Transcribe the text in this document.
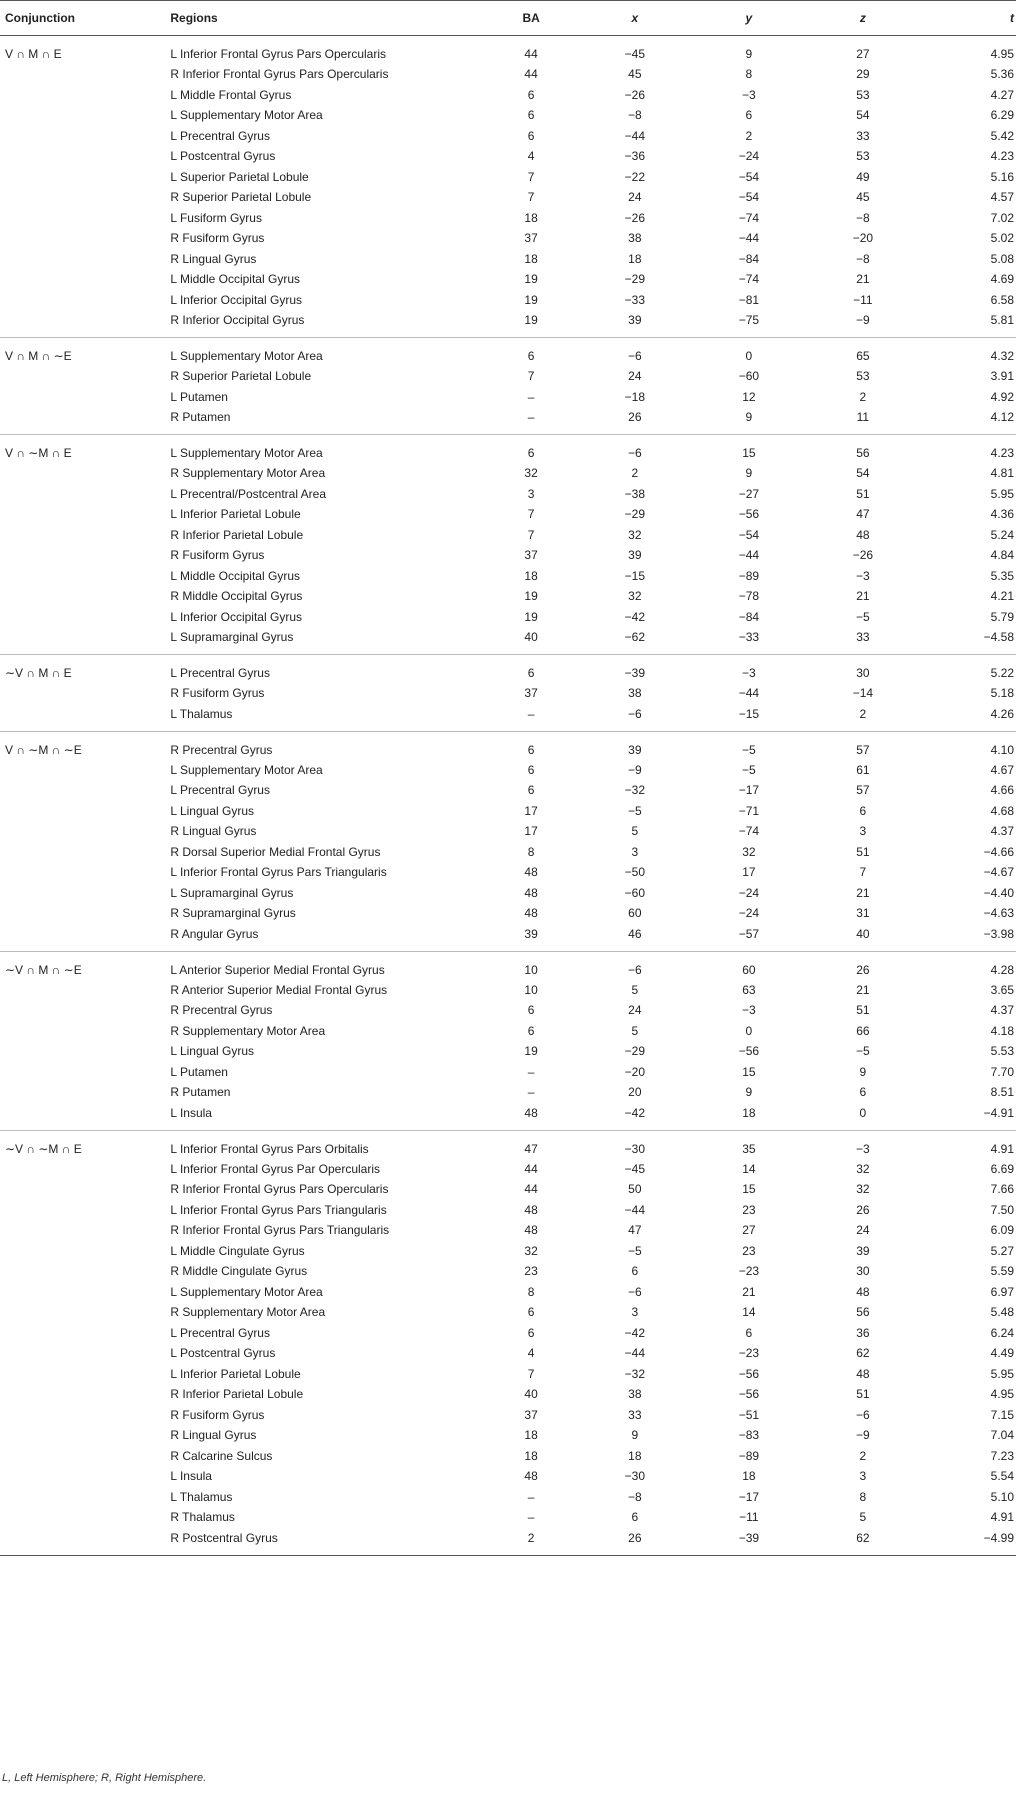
Conjunction	Regions	BA	x	y	z	t
V ∩ M ∩ E	L Inferior Frontal Gyrus Pars Opercularis	44	−45	9	27	4.95
	R Inferior Frontal Gyrus Pars Opercularis	44	45	8	29	5.36
	L Middle Frontal Gyrus	6	−26	−3	53	4.27
	L Supplementary Motor Area	6	−8	6	54	6.29
	L Precentral Gyrus	6	−44	2	33	5.42
	L Postcentral Gyrus	4	−36	−24	53	4.23
	L Superior Parietal Lobule	7	−22	−54	49	5.16
	R Superior Parietal Lobule	7	24	−54	45	4.57
	L Fusiform Gyrus	18	−26	−74	−8	7.02
	R Fusiform Gyrus	37	38	−44	−20	5.02
	R Lingual Gyrus	18	18	−84	−8	5.08
	L Middle Occipital Gyrus	19	−29	−74	21	4.69
	L Inferior Occipital Gyrus	19	−33	−81	−11	6.58
	R Inferior Occipital Gyrus	19	39	−75	−9	5.81
V ∩ M ∩ ∼E	L Supplementary Motor Area	6	−6	0	65	4.32
	R Superior Parietal Lobule	7	24	−60	53	3.91
	L Putamen	–	−18	12	2	4.92
	R Putamen	–	26	9	11	4.12
V ∩ ∼M ∩ E	L Supplementary Motor Area	6	−6	15	56	4.23
	R Supplementary Motor Area	32	2	9	54	4.81
	L Precentral/Postcentral Area	3	−38	−27	51	5.95
	L Inferior Parietal Lobule	7	−29	−56	47	4.36
	R Inferior Parietal Lobule	7	32	−54	48	5.24
	R Fusiform Gyrus	37	39	−44	−26	4.84
	L Middle Occipital Gyrus	18	−15	−89	−3	5.35
	R Middle Occipital Gyrus	19	32	−78	21	4.21
	L Inferior Occipital Gyrus	19	−42	−84	−5	5.79
	L Supramarginal Gyrus	40	−62	−33	33	−4.58
∼V ∩ M ∩ E	L Precentral Gyrus	6	−39	−3	30	5.22
	R Fusiform Gyrus	37	38	−44	−14	5.18
	L Thalamus	–	−6	−15	2	4.26
V ∩ ∼M ∩ ∼E	R Precentral Gyrus	6	39	−5	57	4.10
	L Supplementary Motor Area	6	−9	−5	61	4.67
	L Precentral Gyrus	6	−32	−17	57	4.66
	L Lingual Gyrus	17	−5	−71	6	4.68
	R Lingual Gyrus	17	5	−74	3	4.37
	R Dorsal Superior Medial Frontal Gyrus	8	3	32	51	−4.66
	L Inferior Frontal Gyrus Pars Triangularis	48	−50	17	7	−4.67
	L Supramarginal Gyrus	48	−60	−24	21	−4.40
	R Supramarginal Gyrus	48	60	−24	31	−4.63
	R Angular Gyrus	39	46	−57	40	−3.98
∼V ∩ M ∩ ∼E	L Anterior Superior Medial Frontal Gyrus	10	−6	60	26	4.28
	R Anterior Superior Medial Frontal Gyrus	10	5	63	21	3.65
	R Precentral Gyrus	6	24	−3	51	4.37
	R Supplementary Motor Area	6	5	0	66	4.18
	L Lingual Gyrus	19	−29	−56	−5	5.53
	L Putamen	–	−20	15	9	7.70
	R Putamen	–	20	9	6	8.51
	L Insula	48	−42	18	0	−4.91
∼V ∩ ∼M ∩ E	L Inferior Frontal Gyrus Pars Orbitalis	47	−30	35	−3	4.91
	L Inferior Frontal Gyrus Par Opercularis	44	−45	14	32	6.69
	R Inferior Frontal Gyrus Pars Opercularis	44	50	15	32	7.66
	L Inferior Frontal Gyrus Pars Triangularis	48	−44	23	26	7.50
	R Inferior Frontal Gyrus Pars Triangularis	48	47	27	24	6.09
	L Middle Cingulate Gyrus	32	−5	23	39	5.27
	R Middle Cingulate Gyrus	23	6	−23	30	5.59
	L Supplementary Motor Area	8	−6	21	48	6.97
	R Supplementary Motor Area	6	3	14	56	5.48
	L Precentral Gyrus	6	−42	6	36	6.24
	L Postcentral Gyrus	4	−44	−23	62	4.49
	L Inferior Parietal Lobule	7	−32	−56	48	5.95
	R Inferior Parietal Lobule	40	38	−56	51	4.95
	R Fusiform Gyrus	37	33	−51	−6	7.15
	R Lingual Gyrus	18	9	−83	−9	7.04
	R Calcarine Sulcus	18	18	−89	2	7.23
	L Insula	48	−30	18	3	5.54
	L Thalamus	–	−8	−17	8	5.10
	R Thalamus	–	6	−11	5	4.91
	R Postcentral Gyrus	2	26	−39	62	−4.99
L, Left Hemisphere; R, Right Hemisphere.
